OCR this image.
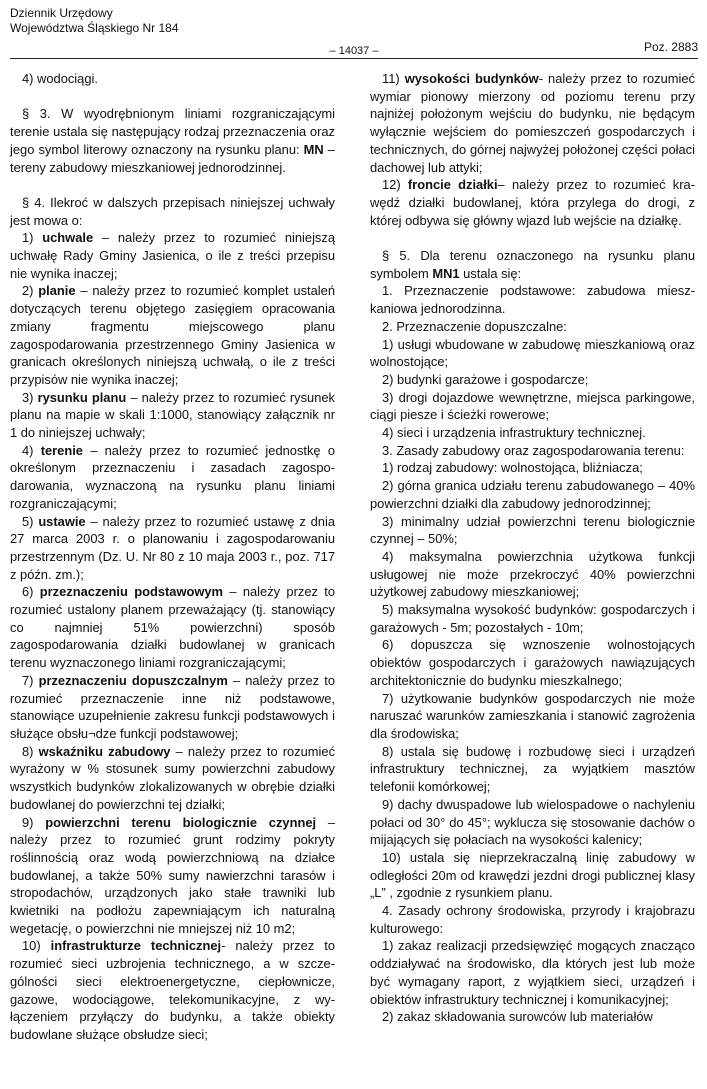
Dziennik Urzędowy
Województwa Śląskiego Nr 184
– 14037 –	Poz. 2883

4) wodociągi.

§ 3. W wyodrębnionym liniami rozgraniczającymi terenie ustala się następujący rodzaj przeznaczenia oraz jego symbol literowy oznaczony na rysunku planu: MN – tereny zabudowy mieszkaniowej jednorodzinnej.

§ 4. Ilekroć w dalszych przepisach niniejszej uchwały jest mowa o:

1) uchwale – należy przez to rozumieć niniejszą uchwałę Rady Gminy Jasienica, o ile z treści przepisu nie wynika inaczej;

2) planie – należy przez to rozumieć komplet ustaleń dotyczących terenu objętego zasięgiem opracowania zmiany fragmentu miejscowego planu zagospodarowania przestrzennego Gminy Jasienica w granicach określonych niniejszą uchwałą, o ile z treści przypisów nie wynika inaczej;

3) rysunku planu – należy przez to rozumieć rysunek planu na mapie w skali 1:1000, stanowiący załącznik nr 1 do niniejszej uchwały;

4) terenie – należy przez to rozumieć jednostkę o określonym przeznaczeniu i zasadach zagospodarowania, wyznaczoną na rysunku planu liniami rozgraniczającymi;

5) ustawie – należy przez to rozumieć ustawę z dnia 27 marca 2003 r. o planowaniu i zagospodarowaniu przestrzennym (Dz. U. Nr 80 z 10 maja 2003 r., poz. 717 z późn. zm.);

6) przeznaczeniu podstawowym – należy przez to rozumieć ustalony planem przeważający (tj. stanowiący co najmniej 51% powierzchni) sposób zagospodarowania działki budowlanej w granicach terenu wyznaczonego liniami rozgraniczającymi;

7) przeznaczeniu dopuszczalnym – należy przez to rozumieć przeznaczenie inne niż podstawowe, stanowiące uzupełnienie zakresu funkcji podstawowych i służące obsłu¬dze funkcji podstawowej;

8) wskaźniku zabudowy – należy przez to rozumieć wyrażony w % stosunek sumy powierzchni zabudowy wszystkich budynków zlokalizowanych w obrębie działki budowlanej do powierzchni tej działki;

9) powierzchni terenu biologicznie czynnej – należy przez to rozumieć grunt rodzimy pokryty roślinnością oraz wodą powierzchniową na działce budowlanej, a także 50% sumy nawierzchni tarasów i stropodachów, urządzonych jako stałe trawniki lub kwietniki na podłożu zapewniającym ich naturalną wegetację, o powierzchni nie mniejszej niż 10 m2;

10) infrastrukturze technicznej- należy przez to rozumieć sieci uzbrojenia technicznego, a w szczególności sieci elektroenergetyczne, ciepłownicze, gazowe, wodociągowe, telekomunikacyjne, z wyłączeniem przyłączy do budynku, a także obiekty budowlane służące obsłudze sieci;

11) wysokości budynków- należy przez to rozumieć wymiar pionowy mierzony od poziomu terenu przy najniżej położonym wejściu do budynku, nie będącym wyłącznie wejściem do pomieszczeń gospodarczych i technicznych, do górnej najwyżej położonej części połaci dachowej lub attyki;

12) froncie działki– należy przez to rozumieć krawędź działki budowlanej, która przylega do drogi, z której odbywa się główny wjazd lub wejście na działkę.

§ 5. Dla terenu oznaczonego na rysunku planu symbolem MN1 ustala się:

1. Przeznaczenie podstawowe: zabudowa mieszkaniowa jednorodzinna.

2. Przeznaczenie dopuszczalne:

1) usługi wbudowane w zabudowę mieszkaniową oraz wolnostojące;

2) budynki garażowe i gospodarcze;

3) drogi dojazdowe wewnętrzne, miejsca parkingowe, ciągi piesze i ścieżki rowerowe;

4) sieci i urządzenia infrastruktury technicznej.

3. Zasady zabudowy oraz zagospodarowania terenu:

1) rodzaj zabudowy: wolnostojąca, bliźniacza;

2) górna granica udziału terenu zabudowanego – 40% powierzchni działki dla zabudowy jednorodzinnej;

3) minimalny udział powierzchni terenu biologicznie czynnej – 50%;

4) maksymalna powierzchnia użytkowa funkcji usługowej nie może przekroczyć 40% powierzchni użytkowej zabudowy mieszkaniowej;

5) maksymalna wysokość budynków: gospodarczych i garażowych - 5m; pozostałych - 10m;

6) dopuszcza się wznoszenie wolnostojących obiektów gospodarczych i garażowych nawiązujących architektonicznie do budynku mieszkalnego;

7) użytkowanie budynków gospodarczych nie może naruszać warunków zamieszkania i stanowić zagrożenia dla środowiska;

8) ustala się budowę i rozbudowę sieci i urządzeń infrastruktury technicznej, za wyjątkiem masztów telefonii komórkowej;

9) dachy dwuspadowe lub wielospadowe o nachyleniu połaci od 30° do 45°; wyklucza się stosowanie dachów o mijających się połaciach na wysokości kalenicy;

10) ustala się nieprzekraczalną linię zabudowy w odległości 20m od krawędzi jezdni drogi publicznej klasy „L” , zgodnie z rysunkiem planu.

4. Zasady ochrony środowiska, przyrody i krajobrazu kulturowego:

1) zakaz realizacji przedsięwzięć mogących znacząco oddziaływać na środowisko, dla których jest lub może być wymagany raport, z wyjątkiem sieci, urządzeń i obiektów infrastruktury technicznej i komunikacyjnej;

2) zakaz składowania surowców lub materiałów
